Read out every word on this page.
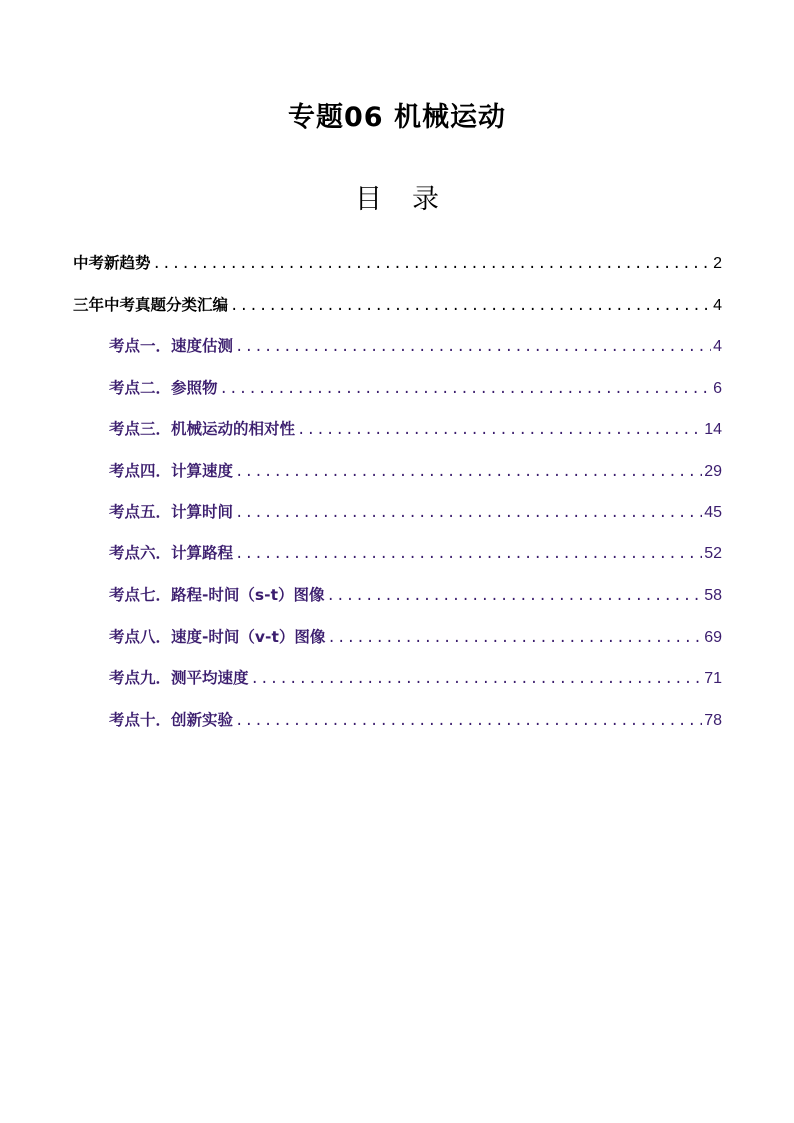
专题06 机械运动
目 录
中考新趋势 .....	2
三年中考真题分类汇编 .....	4
考点一．速度估测 .....	4
考点二．参照物 .....	6
考点三．机械运动的相对性 .....	14
考点四．计算速度 .....	29
考点五．计算时间 .....	45
考点六．计算路程 .....	52
考点七．路程-时间（s-t）图像 .....	58
考点八．速度-时间（v-t）图像 .....	69
考点九．测平均速度 .....	71
考点十．创新实验 .....	78
